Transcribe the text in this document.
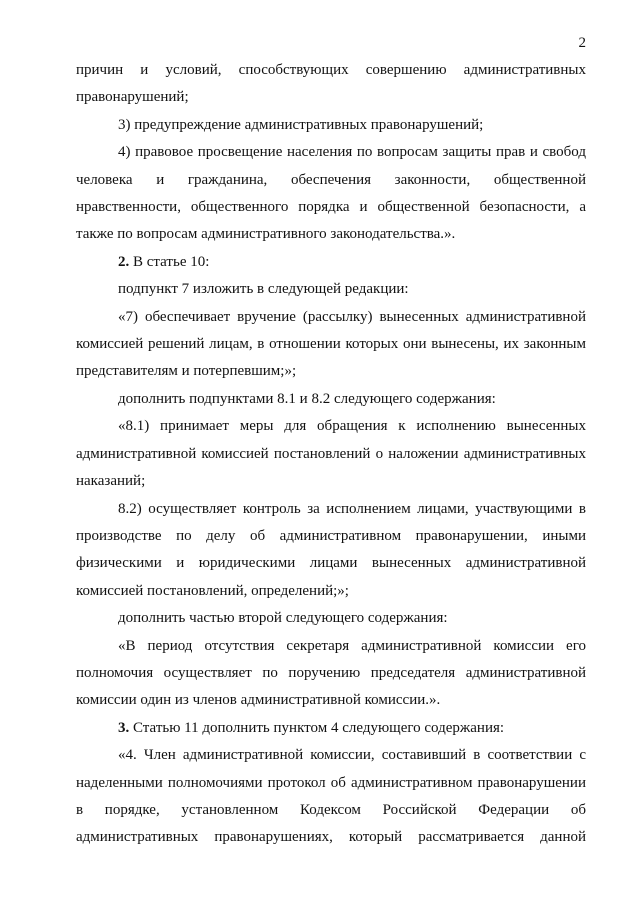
2

причин и условий, способствующих совершению административных правонарушений;

3) предупреждение административных правонарушений;

4) правовое просвещение населения по вопросам защиты прав и свобод человека и гражданина, обеспечения законности, общественной нравственности, общественного порядка и общественной безопасности, а также по вопросам административного законодательства.».

2. В статье 10:

подпункт 7 изложить в следующей редакции:

«7) обеспечивает вручение (рассылку) вынесенных административной комиссией решений лицам, в отношении которых они вынесены, их законным представителям и потерпевшим;»;

дополнить подпунктами 8.1 и 8.2 следующего содержания:

«8.1) принимает меры для обращения к исполнению вынесенных административной комиссией постановлений о наложении административных наказаний;

8.2) осуществляет контроль за исполнением лицами, участвующими в производстве по делу об административном правонарушении, иными физическими и юридическими лицами вынесенных административной комиссией постановлений, определений;»;

дополнить частью второй следующего содержания:

«В период отсутствия секретаря административной комиссии его полномочия осуществляет по поручению председателя административной комиссии один из членов административной комиссии.».

3. Статью 11 дополнить пунктом 4 следующего содержания:

«4. Член административной комиссии, составивший в соответствии с наделенными полномочиями протокол об административном правонарушении в порядке, установленном Кодексом Российской Федерации об административных правонарушениях, который рассматривается данной
